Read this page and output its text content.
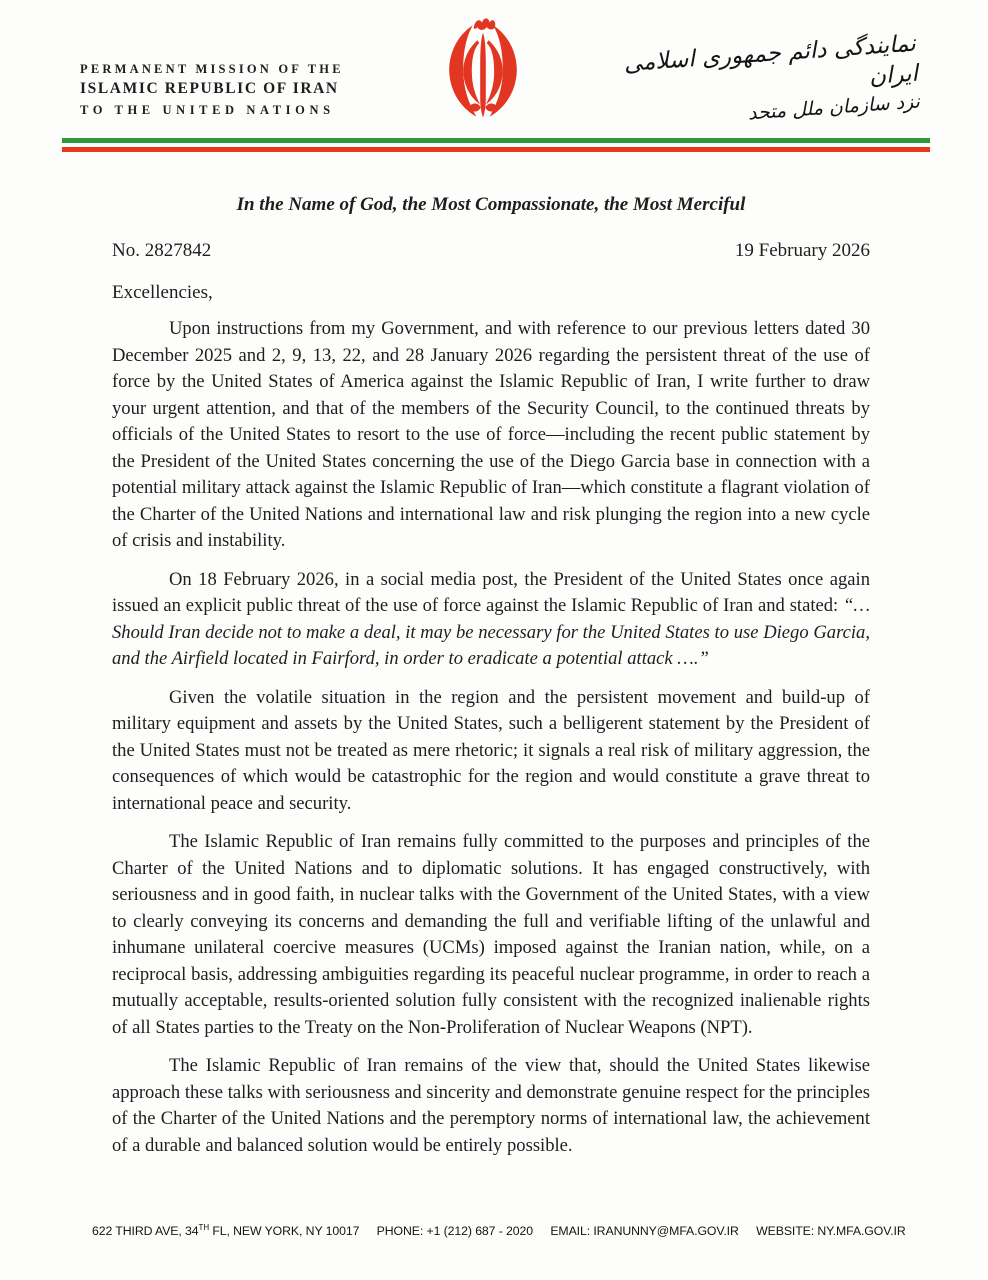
PERMANENT MISSION OF THE
ISLAMIC REPUBLIC OF IRAN
TO THE UNITED NATIONS
نمایندگی دائم جمهوری اسلامی ایران
نزد سازمان ملل متحد
In the Name of God, the Most Compassionate, the Most Merciful
No. 2827842	19 February 2026

Excellencies,

Upon instructions from my Government, and with reference to our previous letters dated 30 December 2025 and 2, 9, 13, 22, and 28 January 2026 regarding the persistent threat of the use of force by the United States of America against the Islamic Republic of Iran, I write further to draw your urgent attention, and that of the members of the Security Council, to the continued threats by officials of the United States to resort to the use of force—including the recent public statement by the President of the United States concerning the use of the Diego Garcia base in connection with a potential military attack against the Islamic Republic of Iran—which constitute a flagrant violation of the Charter of the United Nations and international law and risk plunging the region into a new cycle of crisis and instability.

On 18 February 2026, in a social media post, the President of the United States once again issued an explicit public threat of the use of force against the Islamic Republic of Iran and stated: “… Should Iran decide not to make a deal, it may be necessary for the United States to use Diego Garcia, and the Airfield located in Fairford, in order to eradicate a potential attack ….”

Given the volatile situation in the region and the persistent movement and build-up of military equipment and assets by the United States, such a belligerent statement by the President of the United States must not be treated as mere rhetoric; it signals a real risk of military aggression, the consequences of which would be catastrophic for the region and would constitute a grave threat to international peace and security.

The Islamic Republic of Iran remains fully committed to the purposes and principles of the Charter of the United Nations and to diplomatic solutions. It has engaged constructively, with seriousness and in good faith, in nuclear talks with the Government of the United States, with a view to clearly conveying its concerns and demanding the full and verifiable lifting of the unlawful and inhumane unilateral coercive measures (UCMs) imposed against the Iranian nation, while, on a reciprocal basis, addressing ambiguities regarding its peaceful nuclear programme, in order to reach a mutually acceptable, results-oriented solution fully consistent with the recognized inalienable rights of all States parties to the Treaty on the Non-Proliferation of Nuclear Weapons (NPT).

The Islamic Republic of Iran remains of the view that, should the United States likewise approach these talks with seriousness and sincerity and demonstrate genuine respect for the principles of the Charter of the United Nations and the peremptory norms of international law, the achievement of a durable and balanced solution would be entirely possible.

622 THIRD AVE, 34TH FL, NEW YORK, NY 10017 PHONE: +1 (212) 687 - 2020 EMAIL: IRANUNNY@MFA.GOV.IR WEBSITE: NY.MFA.GOV.IR
